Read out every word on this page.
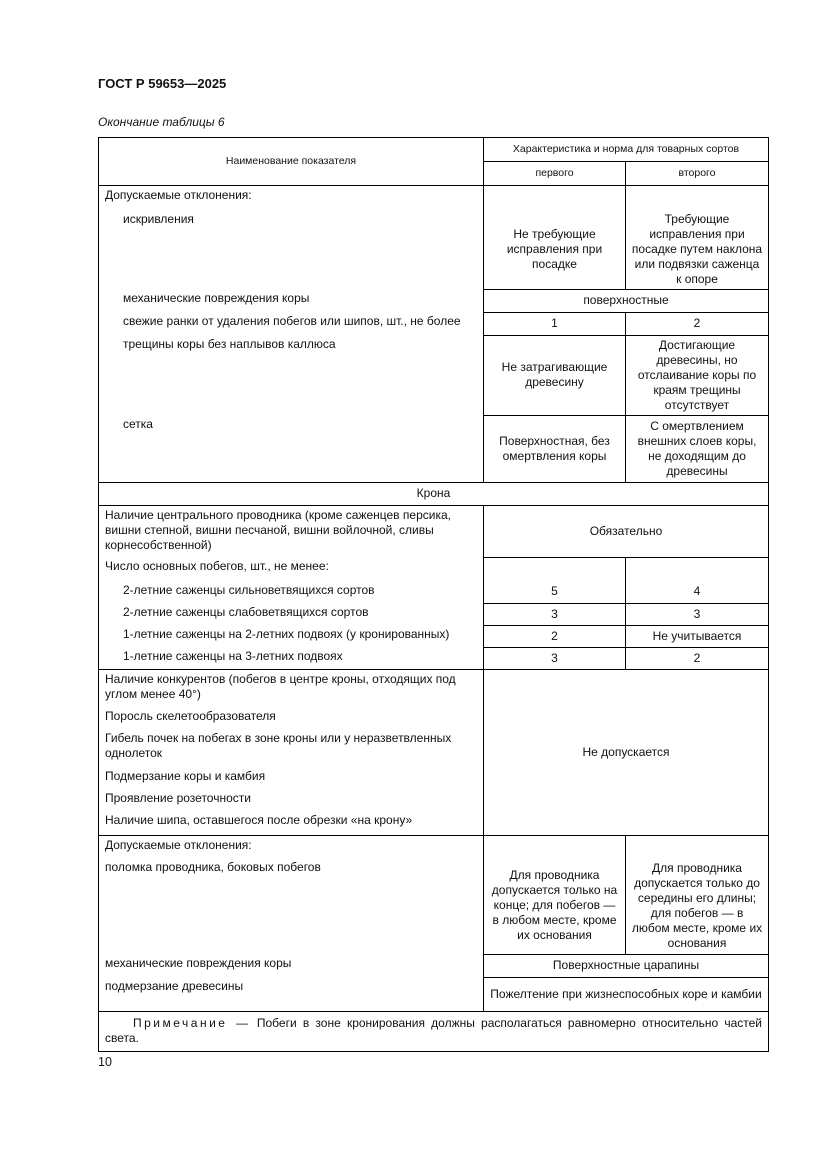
ГОСТ Р 59653—2025
Окончание таблицы 6
Наименование показателя	Характеристика и норма для товарных сортов	
	первого	второго
Допускаемые отклонения:		
искривления	Не требующие исправления при посадке	Требующие исправления при посадке путем наклона или подвязки саженца к опоре
механические повреждения коры	поверхностные	
свежие ранки от удаления побегов или шипов, шт., не более	1	2
трещины коры без наплывов каллюса	Не затрагивающие древесину	Достигающие древесины, но отслаивание коры по краям трещины отсутствует
сетка	Поверхностная, без омертвления коры	С омертвлением внешних слоев коры, не доходящим до древесины
Крона		
Наличие центрального проводника (кроме саженцев персика, вишни степной, вишни песчаной, вишни войлочной, сливы корнесобственной)	Обязательно	
Число основных побегов, шт., не менее:		
2-летние саженцы сильноветвящихся сортов	5	4
2-летние саженцы слабоветвящихся сортов	3	3
1-летние саженцы на 2-летних подвоях (у кронированных)	2	Не учитывается
1-летние саженцы на 3-летних подвоях	3	2
Наличие конкурентов (побегов в центре кроны, отходящих под углом менее 40°)	Не допускается	
Поросль скелетообразователя		
Гибель почек на побегах в зоне кроны или у неразветвленных однолеток		
Подмерзание коры и камбия		
Проявление розеточности		
Наличие шипа, оставшегося после обрезки «на крону»		
Допускаемые отклонения:		
поломка проводника, боковых побегов	Для проводника допускается только на конце; для побегов — в любом месте, кроме их основания	Для проводника допускается только до середины его длины; для побегов — в любом месте, кроме их основания
механические повреждения коры	Поверхностные царапины	
подмерзание древесины	Пожелтение при жизнеспособных коре и камбии	
Примечание — Побеги в зоне кронирования должны располагаться равномерно относительно частей света.		
10
